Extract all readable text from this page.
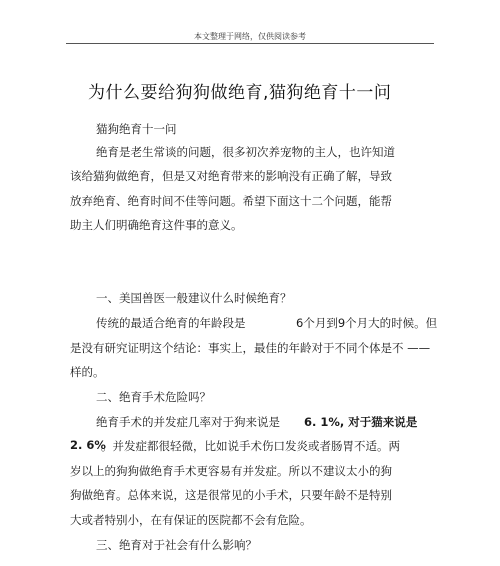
本文整理于网络，仅供阅读参考
为什么要给狗狗做绝育,猫狗绝育十一问
猫狗绝育十一问
绝育是老生常谈的问题，很多初次养宠物的主人，也许知道
该给猫狗做绝育，但是又对绝育带来的影响没有正确了解，导致
放弃绝育、绝育时间不佳等问题。希望下面这十二个问题，能帮
助主人们明确绝育这件事的意义。
一、美国兽医一般建议什么时候绝育？
传统的最适合绝育的年龄段是	6个月到9个月大的时候。但
是没有研究证明这个结论：事实上，最佳的年龄对于不同个体是不 ——
样的。
二、绝育手术危险吗？
绝育手术的并发症几率对于狗来说是 6. 1%, 对于猫来说是
2. 6%
。并发症都很轻微，比如说手术伤口发炎或者肠胃不适。两
岁以上的狗狗做绝育手术更容易有并发症。所以不建议太小的狗
狗做绝育。总体来说，这是很常见的小手术，只要年龄不是特别
大或者特别小，在有保证的医院都不会有危险。
三、绝育对于社会有什么影响？
